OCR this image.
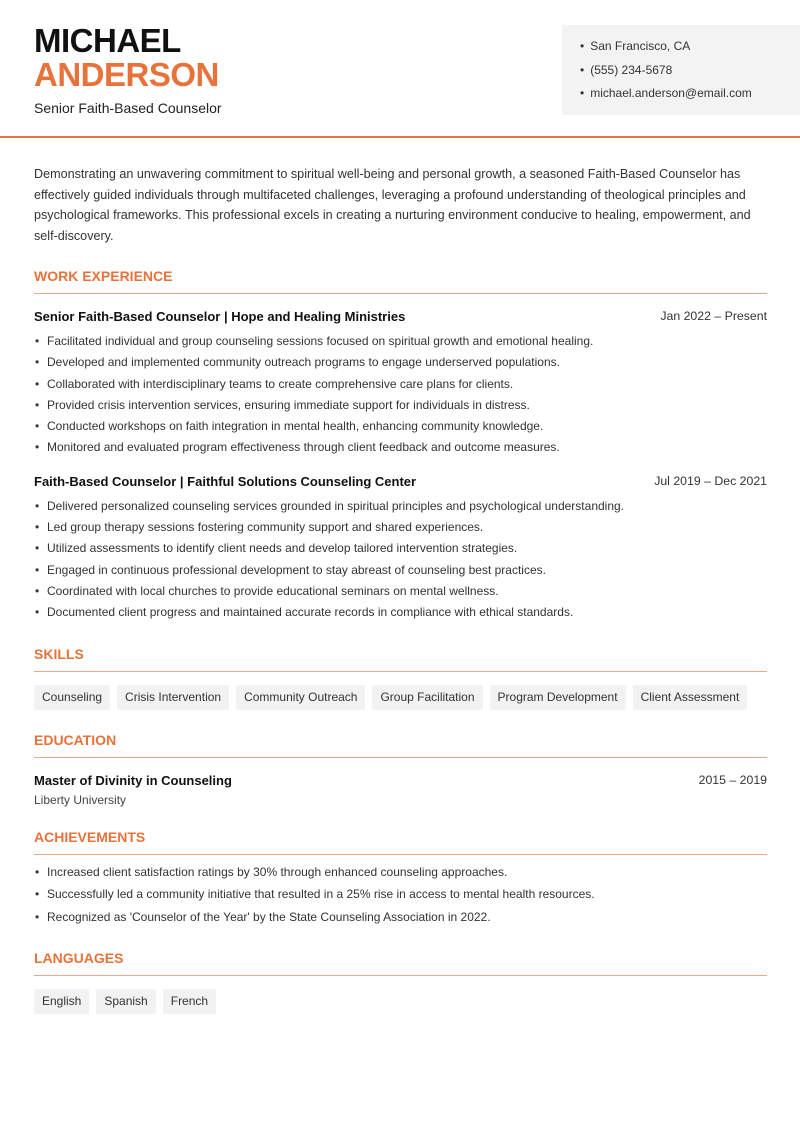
MICHAEL
ANDERSON
Senior Faith-Based Counselor
• San Francisco, CA
• (555) 234-5678
• michael.anderson@email.com

Demonstrating an unwavering commitment to spiritual well-being and personal growth, a seasoned Faith-Based Counselor has effectively guided individuals through multifaceted challenges, leveraging a profound understanding of theological principles and psychological frameworks. This professional excels in creating a nurturing environment conducive to healing, empowerment, and self-discovery.

WORK EXPERIENCE
Senior Faith-Based Counselor | Hope and Healing Ministries	Jan 2022 – Present
• Facilitated individual and group counseling sessions focused on spiritual growth and emotional healing.
• Developed and implemented community outreach programs to engage underserved populations.
• Collaborated with interdisciplinary teams to create comprehensive care plans for clients.
• Provided crisis intervention services, ensuring immediate support for individuals in distress.
• Conducted workshops on faith integration in mental health, enhancing community knowledge.
• Monitored and evaluated program effectiveness through client feedback and outcome measures.
Faith-Based Counselor | Faithful Solutions Counseling Center	Jul 2019 – Dec 2021
• Delivered personalized counseling services grounded in spiritual principles and psychological understanding.
• Led group therapy sessions fostering community support and shared experiences.
• Utilized assessments to identify client needs and develop tailored intervention strategies.
• Engaged in continuous professional development to stay abreast of counseling best practices.
• Coordinated with local churches to provide educational seminars on mental wellness.
• Documented client progress and maintained accurate records in compliance with ethical standards.
SKILLS
Counseling	Crisis Intervention	Community Outreach	Group Facilitation	Program Development	Client Assessment
EDUCATION
Master of Divinity in Counseling	2015 – 2019
Liberty University
ACHIEVEMENTS
• Increased client satisfaction ratings by 30% through enhanced counseling approaches.
• Successfully led a community initiative that resulted in a 25% rise in access to mental health resources.
• Recognized as 'Counselor of the Year' by the State Counseling Association in 2022.
LANGUAGES
English	Spanish	French
